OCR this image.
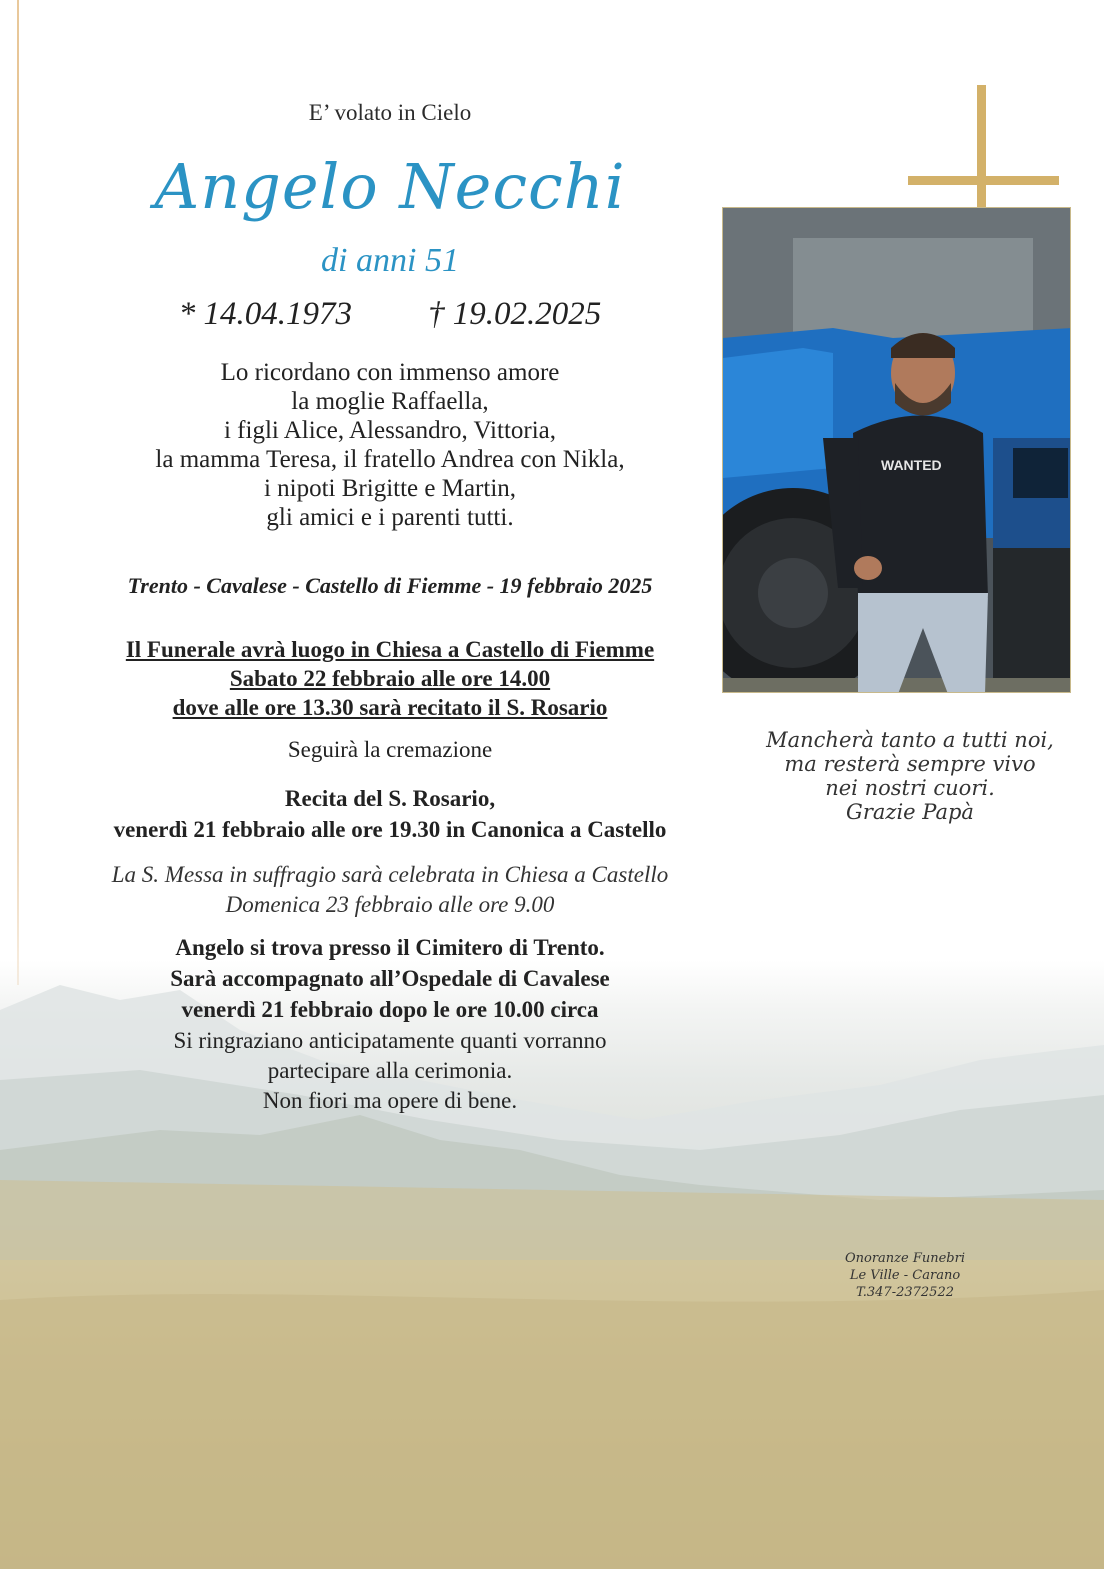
E’ volato in Cielo
Angelo Necchi
di anni 51
* 14.04.1973 † 19.02.2025
Lo ricordano con immenso amore
la moglie Raffaella,
i figli Alice, Alessandro, Vittoria,
la mamma Teresa, il fratello Andrea con Nikla,
i nipoti Brigitte e Martin,
gli amici e i parenti tutti.
Trento - Cavalese - Castello di Fiemme - 19 febbraio 2025
Il Funerale avrà luogo in Chiesa a Castello di Fiemme
Sabato 22 febbraio alle ore 14.00
dove alle ore 13.30 sarà recitato il S. Rosario
Seguirà la cremazione
Recita del S. Rosario,
venerdì 21 febbraio alle ore 19.30 in Canonica a Castello
La S. Messa in suffragio sarà celebrata in Chiesa a Castello
Domenica 23 febbraio alle ore 9.00
Angelo si trova presso il Cimitero di Trento.
Sarà accompagnato all’Ospedale di Cavalese
venerdì 21 febbraio dopo le ore 10.00 circa
Si ringraziano anticipatamente quanti vorranno
partecipare alla cerimonia.
Non fiori ma opere di bene.
WANTED
Mancherà tanto a tutti noi,
ma resterà sempre vivo
nei nostri cuori.
Grazie Papà
Onoranze Funebri
Le Ville - Carano
T.347-2372522
